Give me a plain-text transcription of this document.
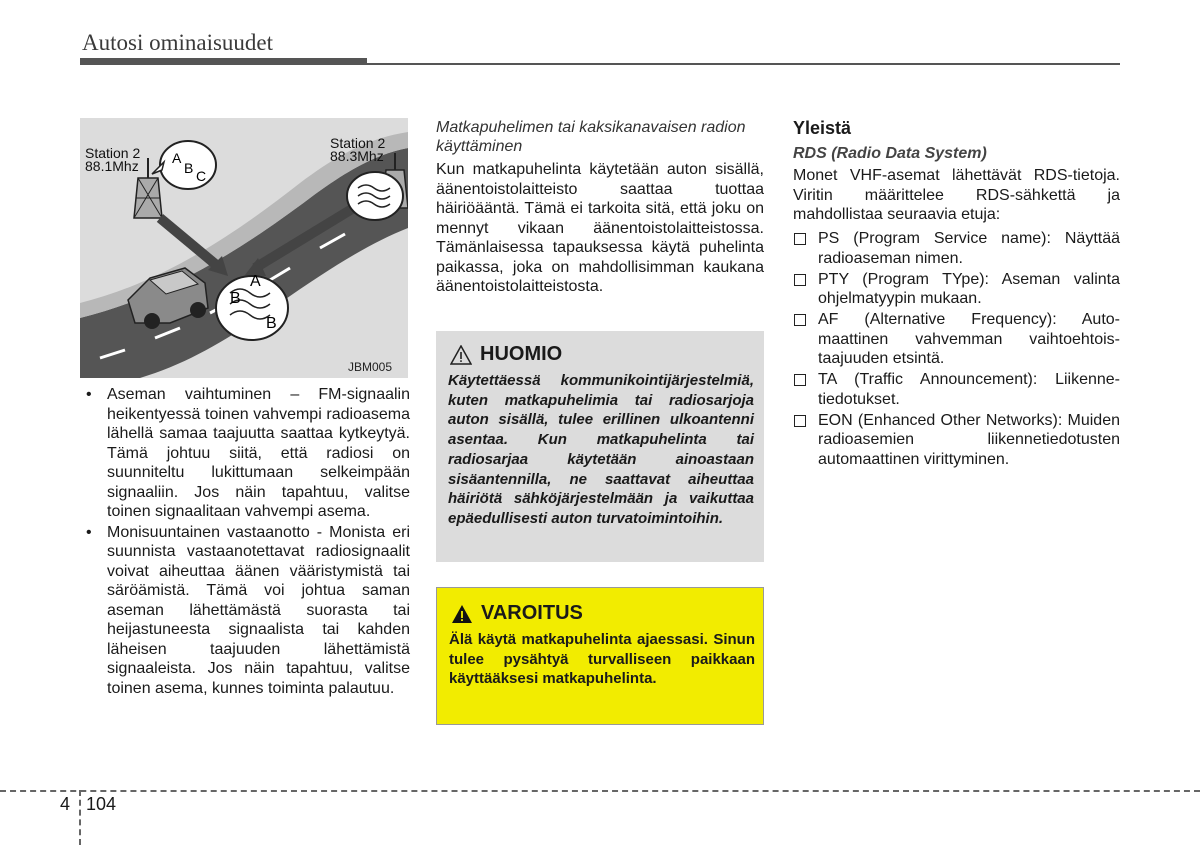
Autosi ominaisuudet
Station 2
88.1Mhz
Station 2
88.3Mhz
A
B C
A
B
B
JBM005
• Aseman vaihtuminen – FM-signaalin heikentyessä toinen vahvempi radioasema lähellä samaa taajuutta saattaa kytkeytyä. Tämä johtuu siitä, että radiosi on suunniteltu lukittumaan selkeimpään signaaliin. Jos näin tapahtuu, valitse toinen signaalitaan vahvempi asema.
• Monisuuntainen vastaanotto - Monista eri suunnista vastaanotettavat radiosignaalit voivat aiheuttaa äänen vääristymistä tai säröämistä. Tämä voi johtua saman aseman lähettämästä suorasta tai heijastuneesta signaalista tai kahden läheisen taajuuden lähettämistä signaaleista. Jos näin tapahtuu, valitse toinen asema, kunnes toiminta palautuu.
Matkapuhelimen tai kaksikanavaisen radion käyttäminen
Kun matkapuhelinta käytetään auton sisällä, äänentoistolaitteisto saattaa tuottaa häiriöääntä. Tämä ei tarkoita sitä, että joku on mennyt vikaan äänentoistolaitteistossa. Tämänlaisessa tapauksessa käytä puhelinta paikassa, joka on mahdollisimman kaukana äänentoistolaitteistosta.
HUOMIO
Käytettäessä kommunikointijärjestelmiä, kuten matkapuhelimia tai radiosarjoja auton sisällä, tulee erillinen ulkoantenni asentaa. Kun matkapuhelinta tai radiosarjaa käytetään ainoastaan sisäantennilla, ne saattavat aiheuttaa häiriötä sähköjärjestelmään ja vaikuttaa epäedullisesti auton turvatoimintoihin.
VAROITUS
Älä käytä matkapuhelinta ajaessasi. Sinun tulee pysähtyä turvalliseen paikkaan käyttääksesi matkapuhelinta.
Yleistä
RDS (Radio Data System)
Monet VHF-asemat lähettävät RDS-tietoja. Viritin määrittelee RDS-sähkettä ja mahdollistaa seuraavia etuja:
PS (Program Service name): Näyttää radioaseman nimen.
PTY (Program TYpe): Aseman valinta ohjelmatyypin mukaan.
AF (Alternative Frequency): Automaattinen vahvemman vaihtoehtoistaajuuden etsintä.
TA (Traffic Announcement): Liikennetiedotukset.
EON (Enhanced Other Networks): Muiden radioasemien liikennetiedotusten automaattinen virittyminen.
4 104
